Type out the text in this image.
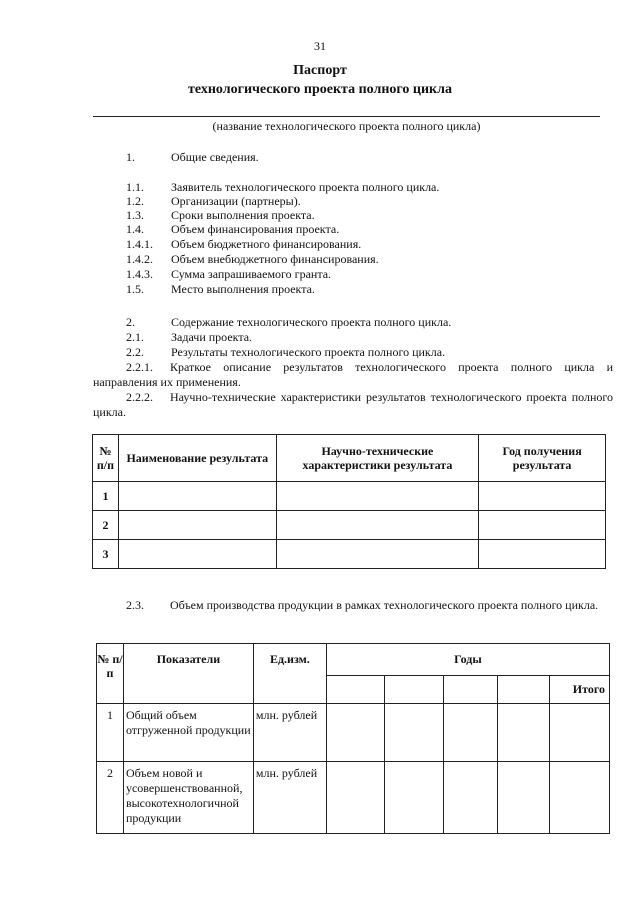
31
Паспорт
технологического проекта полного цикла
(название технологического проекта полного цикла)
1.	Общие сведения.
1.1. Заявитель технологического проекта полного цикла.
1.2. Организации (партнеры).
1.3. Сроки выполнения проекта.
1.4. Объем финансирования проекта.
1.4.1. Объем бюджетного финансирования.
1.4.2. Объем внебюджетного финансирования.
1.4.3. Сумма запрашиваемого гранта.
1.5. Место выполнения проекта.
2.	Содержание технологического проекта полного цикла.
2.1. Задачи проекта.
2.2. Результаты технологического проекта полного цикла.
2.2.1. Краткое описание результатов технологического проекта полного цикла и направления их применения.
2.2.2. Научно-технические характеристики результатов технологического проекта полного цикла.
№ п/п	Наименование результата	Научно-технические характеристики результата	Год получения результата
1			
2			
3			
2.3. Объем производства продукции в рамках технологического проекта полного цикла.
№ п/п	Показатели	Ед.изм.	Годы				
							Итого
1	Общий объем отгруженной продукции	млн. рублей					
2	Объем новой и усовершенствованной, высокотехнологичной продукции	млн. рублей					
